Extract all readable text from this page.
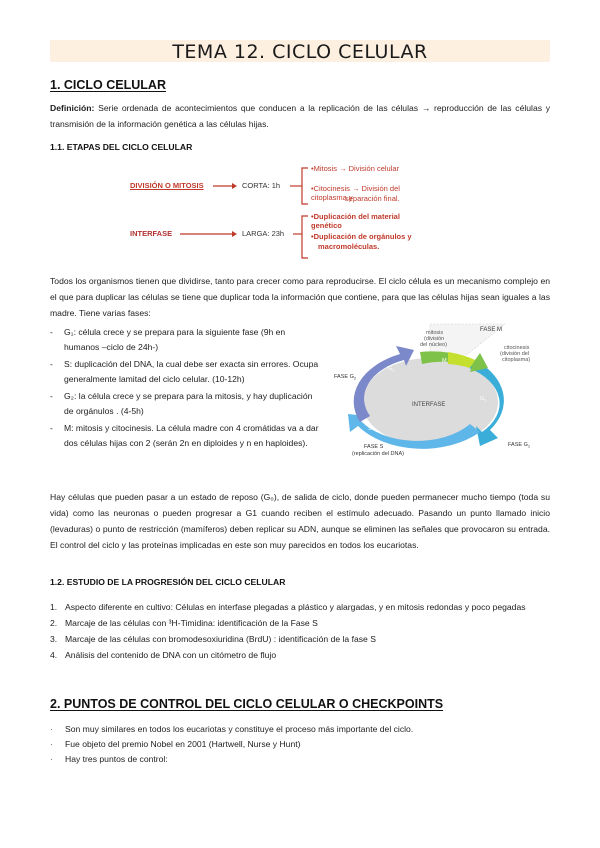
TEMA 12. CICLO CELULAR
1. CICLO CELULAR
Definición: Serie ordenada de acontecimientos que conducen a la replicación de las células → reproducción de las células y transmisión de la información genética a las células hijas.
1.1. ETAPAS DEL CICLO CELULAR
DIVISIÓN O MITOSIS	CORTA: 1h
•Mitosis → División celular
•Citocinesis → División del citoplasma y
separación final.
INTERFASE	LARGA: 23h
•Duplicación del material genético
•Duplicación de orgánulos y
macromoléculas.
Todos los organismos tienen que dividirse, tanto para crecer como para reproducirse. El ciclo célula es un mecanismo complejo en el que para duplicar las células se tiene que duplicar toda la información que contiene, para que las células hijas sean iguales a las madre. Tiene varias fases:
-	G₁: célula crece y se prepara para la siguiente fase (9h en humanos –ciclo de 24h-)
-	S: duplicación del DNA, la cual debe ser exacta sin errores. Ocupa generalmente lamitad del ciclo celular. (10-12h)
-	G₂: la célula crece y se prepara para la mitosis, y hay duplicación de orgánulos . (4-5h)
-	M: mitosis y citocinesis. La célula madre con 4 cromátidas va a dar dos células hijas con 2 (serán 2n en diploides y n en haploides).
FASE M
mitosis
(división
del núcleo)	citocinesis
(división del
citoplasma)
FASE $G_2$
$G_2$
M
$G_1$
INTERFASE
S
FASE S
(replicación del DNA)
FASE $G_1$
Hay células que pueden pasar a un estado de reposo (G₀), de salida de ciclo, donde pueden permanecer mucho tiempo (toda su vida) como las neuronas o pueden progresar a G1 cuando reciben el estímulo adecuado. Pasando un punto llamado inicio (levaduras) o punto de restricción (mamíferos) deben replicar su ADN, aunque se eliminen las señales que provocaron su entrada. El control del ciclo y las proteínas implicadas en este son muy parecidos en todos los eucariotas.
1.2. ESTUDIO DE LA PROGRESIÓN DEL CICLO CELULAR
1. Aspecto diferente en cultivo: Células en interfase plegadas a plástico y alargadas, y en mitosis redondas y poco pegadas
2. Marcaje de las células con ³H-Timidina: identificación de la Fase S
3. Marcaje de las células con bromodesoxiuridina (BrdU) : identificación de la fase S
4. Análisis del contenido de DNA con un citómetro de flujo
2. PUNTOS DE CONTROL DEL CICLO CELULAR O CHECKPOINTS
·	Son muy similares en todos los eucariotas y constituye el proceso más importante del ciclo.
·	Fue objeto del premio Nobel en 2001 (Hartwell, Nurse y Hunt)
·	Hay tres puntos de control:
